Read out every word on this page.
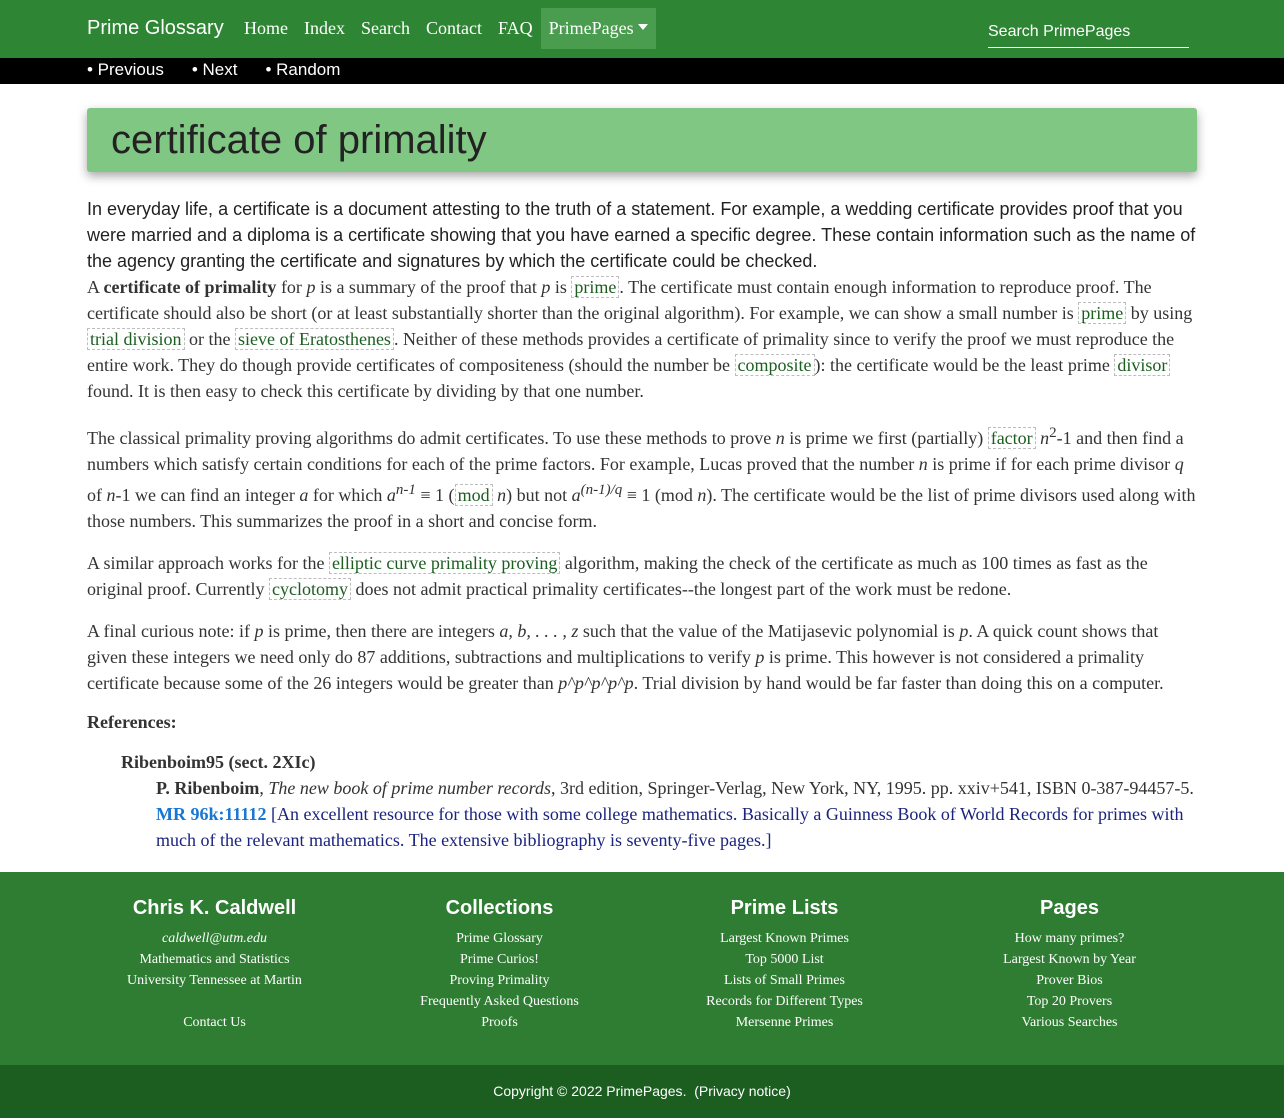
Prime Glossary	Home Index Search Contact FAQ PrimePages
Search PrimePages
• Previous • Next • Random
certificate of primality

In everyday life, a certificate is a document attesting to the truth of a statement. For example, a wedding certificate provides proof that you were married and a diploma is a certificate showing that you have earned a specific degree. These contain information such as the name of the agency granting the certificate and signatures by which the certificate could be checked.

A certificate of primality for p is a summary of the proof that p is prime . The certificate must contain enough information to reproduce proof. The certificate should also be short (or at least substantially shorter than the original algorithm). For example, we can show a small number is prime by using trial division or the sieve of Eratosthenes . Neither of these methods provides a certificate of primality since to verify the proof we must reproduce the entire work. They do though provide certificates of compositeness (should the number be composite ): the certificate would be the least prime divisor found. It is then easy to check this certificate by dividing by that one number.

The classical primality proving algorithms do admit certificates. To use these methods to prove n is prime we first (partially) factor $n^2-1$ and then find a numbers which satisfy certain conditions for each of the prime factors. For example, Lucas proved that the number n is prime if for each prime divisor q of n-1 we can find an integer a for which $a^{n-1} \equiv 1$ ( mod n) but not $a^{(n-1)/q} \equiv 1$ (mod n). The certificate would be the list of prime divisors used along with those numbers. This summarizes the proof in a short and concise form.

A similar approach works for the elliptic curve primality proving algorithm, making the check of the certificate as much as 100 times as fast as the original proof. Currently cyclotomy does not admit practical primality certificates--the longest part of the work must be redone.

A final curious note: if p is prime, then there are integers a, b, . . . , z such that the value of the Matijasevic polynomial is p. A quick count shows that given these integers we need only do 87 additions, subtractions and multiplications to verify p is prime. This however is not considered a primality certificate because some of the 26 integers would be greater than p^p^p^p^p. Trial division by hand would be far faster than doing this on a computer.

References:

Ribenboim95 (sect. 2XIc)
P. Ribenboim, The new book of prime number records, 3rd edition, Springer-Verlag, New York, NY, 1995. pp. xxiv+541, ISBN 0-387-94457-5. MR 96k:11112 [An excellent resource for those with some college mathematics. Basically a Guinness Book of World Records for primes with much of the relevant mathematics. The extensive bibliography is seventy-five pages.]
Chris K. Caldwell
caldwell@utm.edu
Mathematics and Statistics
University Tennessee at Martin

Contact Us
Collections
Prime Glossary
Prime Curios!
Proving Primality
Frequently Asked Questions
Proofs
Prime Lists
Largest Known Primes
Top 5000 List
Lists of Small Primes
Records for Different Types
Mersenne Primes
Pages
How many primes?
Largest Known by Year
Prover Bios
Top 20 Provers
Various Searches
Copyright © 2022 PrimePages.  (Privacy notice)
